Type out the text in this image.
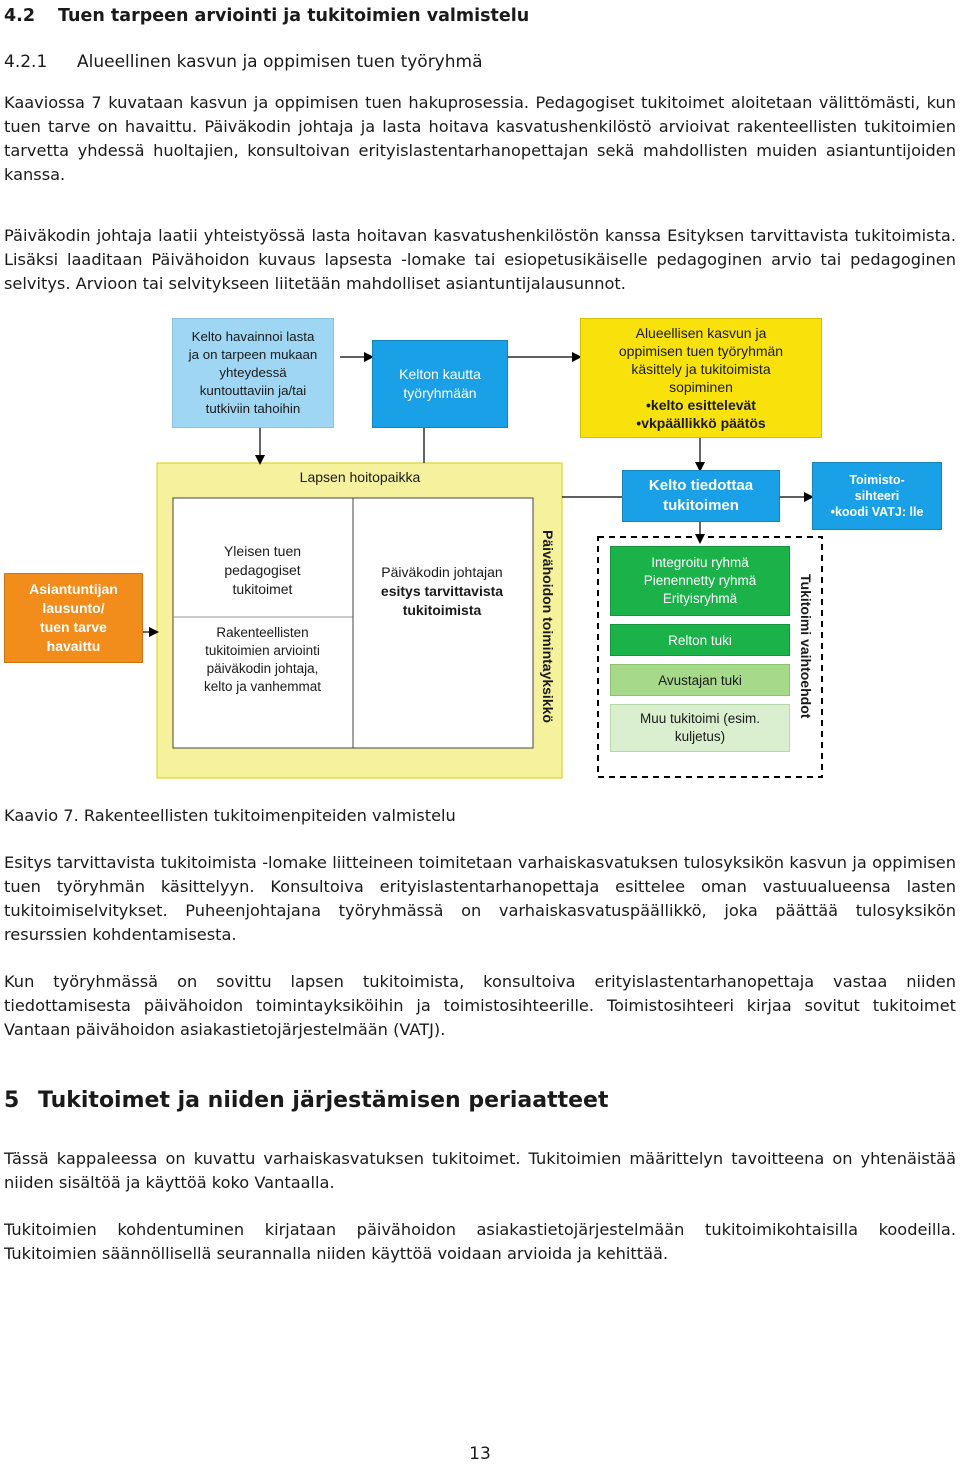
4.2 Tuen tarpeen arviointi ja tukitoimien valmistelu
4.2.1 Alueellinen kasvun ja oppimisen tuen työryhmä
Kaaviossa 7 kuvataan kasvun ja oppimisen tuen hakuprosessia. Pedagogiset tukitoimet aloitetaan välittömästi, kun tuen tarve on havaittu. Päiväkodin johtaja ja lasta hoitava kasvatushenkilöstö arvioivat rakenteellisten tukitoimien tarvetta yhdessä huoltajien, konsultoivan erityislastentarhanopettajan sekä mahdollisten muiden asiantuntijoiden kanssa.
Päiväkodin johtaja laatii yhteistyössä lasta hoitavan kasvatushenkilöstön kanssa Esityksen tarvittavista tukitoimista. Lisäksi laaditaan Päivähoidon kuvaus lapsesta -lomake tai esiopetusikäiselle pedagoginen arvio tai pedagoginen selvitys. Arvioon tai selvitykseen liitetään mahdolliset asiantuntijalausunnot.
Kelto havainnoi lasta
ja on tarpeen mukaan
yhteydessä
kuntouttaviin ja/tai
tutkiviin tahoihin
Kelton kautta
työryhmään
Alueellisen kasvun ja
oppimisen tuen työryhmän
käsittely ja tukitoimista
sopiminen
•kelto esittelevät
•vkpäällikkö päätös
Lapsen hoitopaikka
Yleisen tuen
pedagogiset
tukitoimet
Rakenteellisten
tukitoimien arviointi
päiväkodin johtaja,
kelto ja vanhemmat
Päiväkodin johtajan
esitys tarvittavista
tukitoimista	Päivähoidon toimintayksikkö
Asiantuntijan
lausunto/
tuen tarve
havaittu
Kelto tiedottaa
tukitoimen
Toimisto-
sihteeri
•koodi VATJ: lle
Integroitu ryhmä
Pienennetty ryhmä
Erityisryhmä
Relton tuki
Avustajan tuki
Muu tukitoimi (esim.
kuljetus)
Tukitoimi vaihtoehdot
Kaavio 7. Rakenteellisten tukitoimenpiteiden valmistelu
Esitys tarvittavista tukitoimista -lomake liitteineen toimitetaan varhaiskasvatuksen tulosyksikön kasvun ja oppimisen tuen työryhmän käsittelyyn. Konsultoiva erityislastentarhanopettaja esittelee oman vastuualueensa lasten tukitoimiselvitykset. Puheenjohtajana työryhmässä on varhaiskasvatuspäällikkö, joka päättää tulosyksikön resurssien kohdentamisesta.
Kun työryhmässä on sovittu lapsen tukitoimista, konsultoiva erityislastentarhanopettaja vastaa niiden tiedottamisesta päivähoidon toimintayksiköihin ja toimistosihteerille. Toimistosihteeri kirjaa sovitut tukitoimet Vantaan päivähoidon asiakastietojärjestelmään (VATJ).
5 Tukitoimet ja niiden järjestämisen periaatteet
Tässä kappaleessa on kuvattu varhaiskasvatuksen tukitoimet. Tukitoimien määrittelyn tavoitteena on yhtenäistää niiden sisältöä ja käyttöä koko Vantaalla.
Tukitoimien kohdentuminen kirjataan päivähoidon asiakastietojärjestelmään tukitoimikohtaisilla koodeilla. Tukitoimien säännöllisellä seurannalla niiden käyttöä voidaan arvioida ja kehittää.
13
